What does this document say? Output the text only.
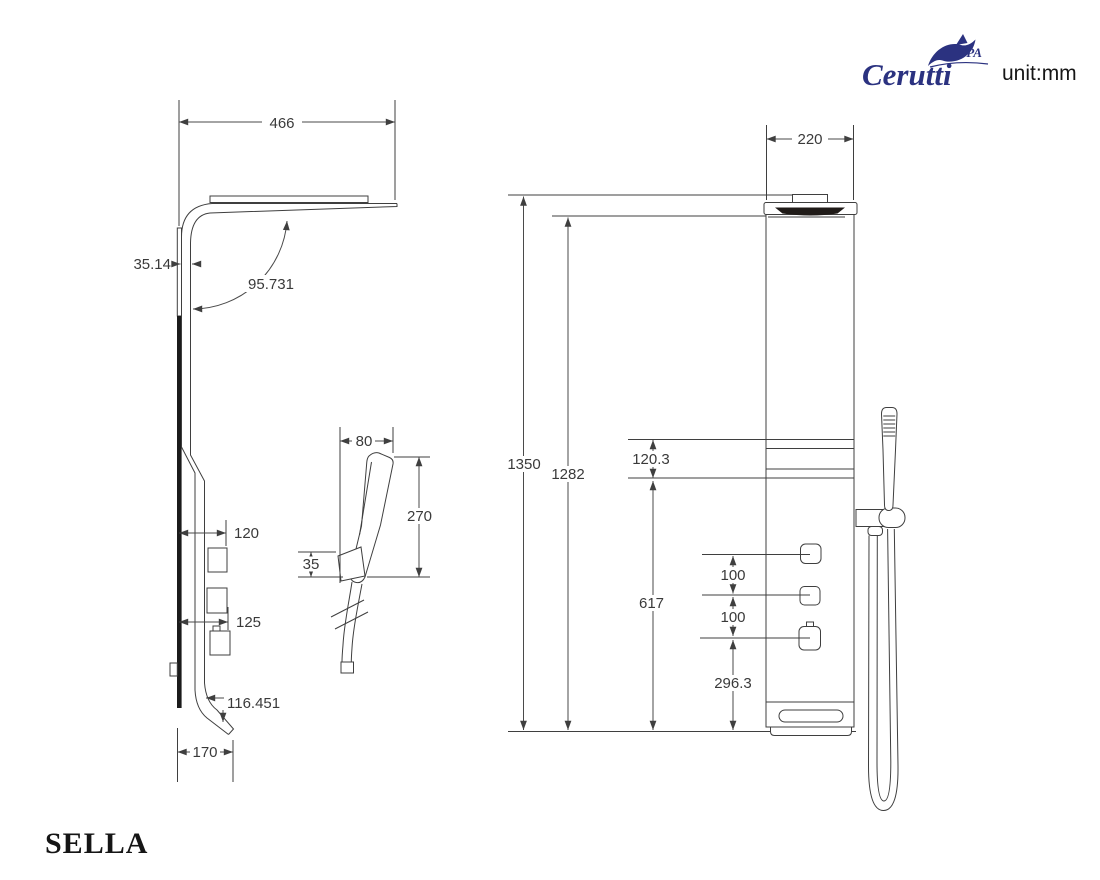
466
35.14
95.731
120
125
116.451
170
80
270
35
220
1350
1282
120.3
617
100
100
296.3
Cerutti
SPA
unit:mm
SELLA
